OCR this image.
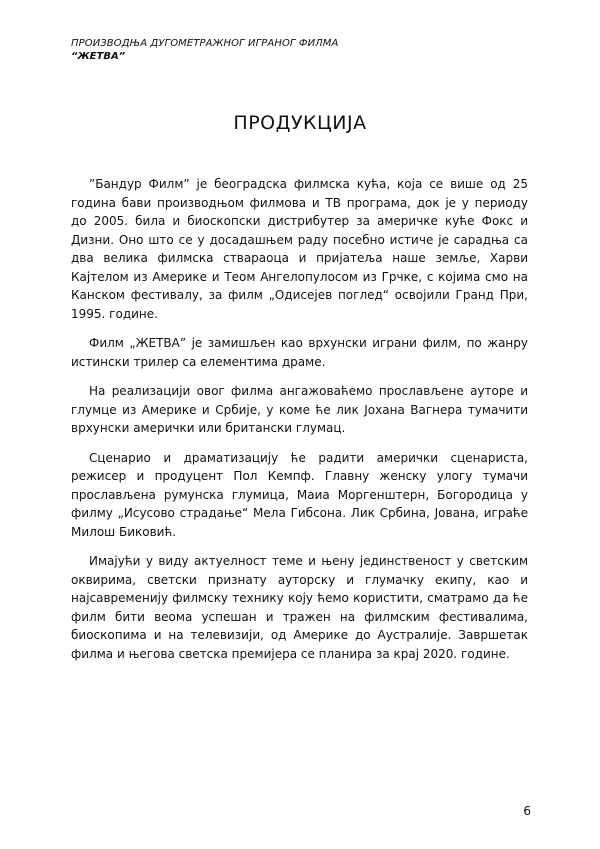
ПРОИЗВОДЊА ДУГОМЕТРАЖНОГ ИГРАНОГ ФИЛМА
“ЖЕТВА”
ПРОДУКЦИЈА

”Бандур Филм” је београдска филмска кућа, која се више од 25 година бави производњом филмова и ТВ програма, док је у периоду до 2005. била и биоскопски дистрибутер за америчке куће Фокс и Дизни. Оно што се у досадашњем раду посебно истиче је сарадња са два велика филмска ствараоца и пријатеља наше земље, Харви Кајтелом из Америке и Теом Ангелопулосом из Грчке, с којима смо на Канском фестивалу, за филм „Одисејев поглед“ освојили Гранд При, 1995. године.

Филм „ЖЕТВА” је замишљен као врхунски играни филм, по жанру истински трилер са елементима драме.

На реализацији овог филма ангажоваћемо прослављене ауторе и глумце из Америке и Србије, у коме ће лик Јохана Вагнера тумачити врхунски амерички или британски глумац.

Сценарио и драматизацију ће радити амерички сценариста, режисер и продуцент Пол Кемпф. Главну женску улогу тумачи прослављена румунска глумица, Маиа Моргенштерн, Богородица у филму „Исусово страдање“ Мела Гибсона. Лик Србина, Јована, играће Милош Биковић.

Имајући у виду актуелност теме и њену јединственост у светским оквирима, светски признату ауторску и глумачку екипу, као и најсавременију филмску технику коју ћемо користити, сматрамо да ће филм бити веома успешан и тражен на филмским фестивалима, биоскопима и на телевизији, од Америке до Аустралије. Завршетак филма и његова светска премијера се планира за крај 2020. године.

6
